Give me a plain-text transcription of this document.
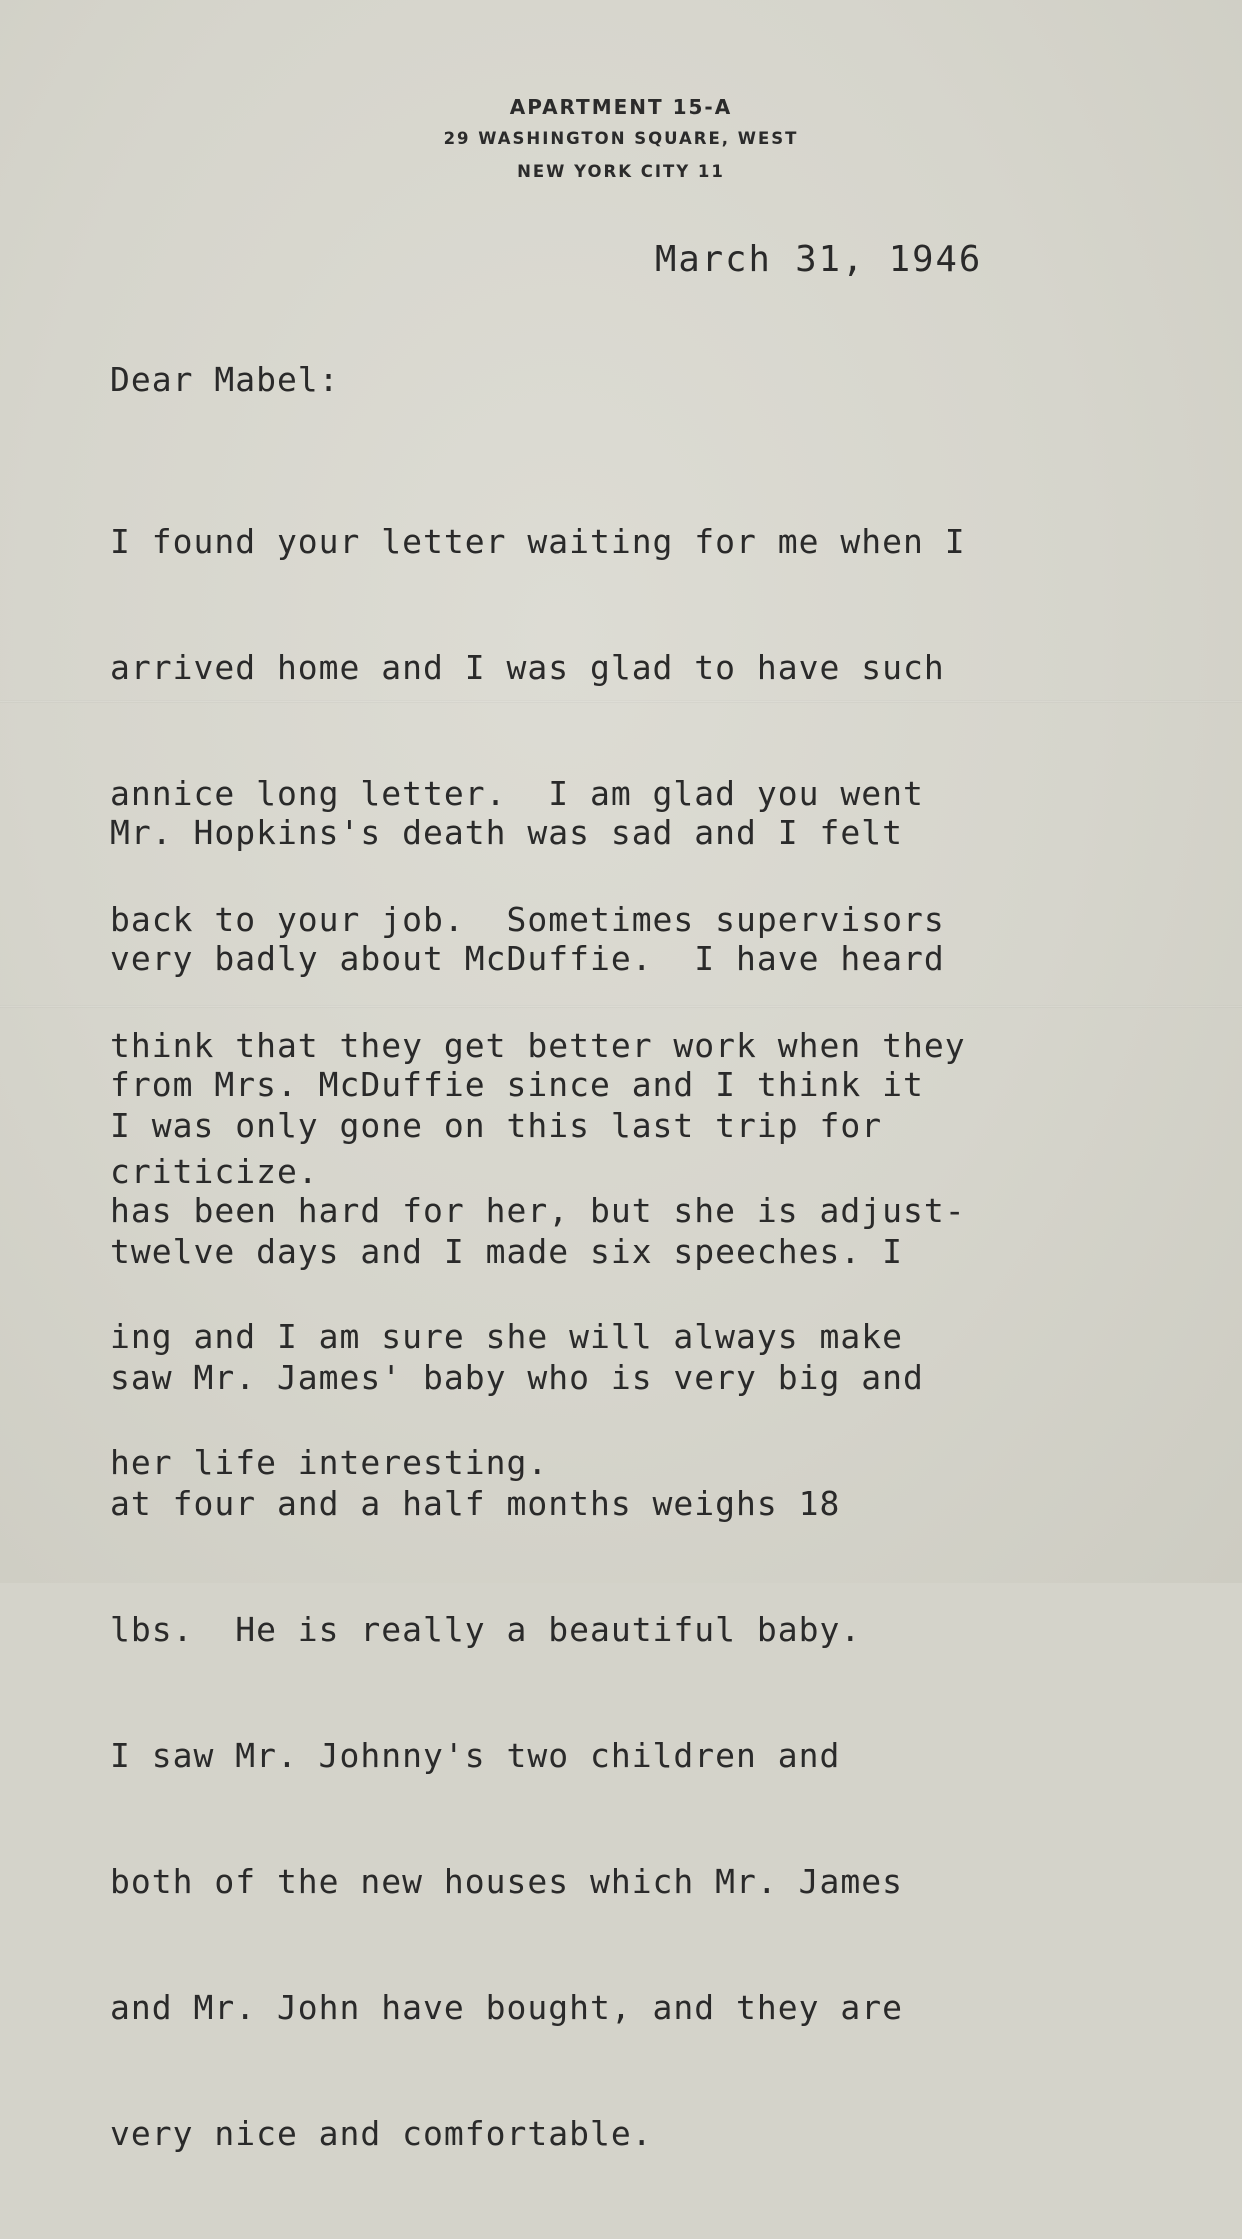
APARTMENT 15-A
29 WASHINGTON SQUARE, WEST
NEW YORK CITY 11
March 31, 1946
Dear Mabel:

I found your letter waiting for me when I

arrived home and I was glad to have such

annice long letter.  I am glad you went

back to your job.  Sometimes supervisors

think that they get better work when they

criticize.

Mr. Hopkins's death was sad and I felt

very badly about McDuffie.  I have heard

from Mrs. McDuffie since and I think it

has been hard for her, but she is adjust-

ing and I am sure she will always make

her life interesting.

I was only gone on this last trip for

twelve days and I made six speeches. I

saw Mr. James' baby who is very big and

at four and a half months weighs 18

lbs.  He is really a beautiful baby.

I saw Mr. Johnny's two children and

both of the new houses which Mr. James

and Mr. John have bought, and they are

very nice and comfortable.
